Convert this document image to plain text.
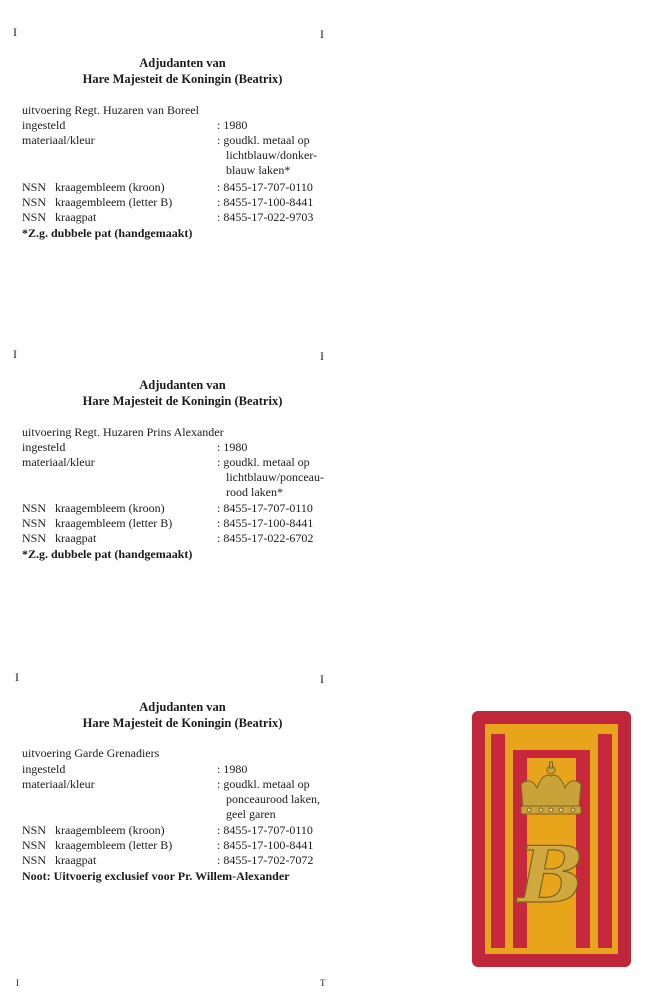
I	I
Adjudanten van
Hare Majesteit de Koningin (Beatrix)
uitvoering Regt. Huzaren van Boreel
ingesteld	: 1980
materiaal/kleur	: goudkl. metaal op
lichtblauw/donker-
blauw laken*
NSN kraagembleem (kroon)	: 8455-17-707-0110
NSN kraagembleem (letter B)	: 8455-17-100-8441
NSN kraagpat	: 8455-17-022-9703
*Z.g. dubbele pat (handgemaakt)
I	I
Adjudanten van
Hare Majesteit de Koningin (Beatrix)
uitvoering Regt. Huzaren Prins Alexander
ingesteld	: 1980
materiaal/kleur	: goudkl. metaal op
lichtblauw/ponceau-
rood laken*
NSN kraagembleem (kroon)	: 8455-17-707-0110
NSN kraagembleem (letter B)	: 8455-17-100-8441
NSN kraagpat	: 8455-17-022-6702
*Z.g. dubbele pat (handgemaakt)
I	I
Adjudanten van
Hare Majesteit de Koningin (Beatrix)
uitvoering Garde Grenadiers
ingesteld	: 1980
materiaal/kleur	: goudkl. metaal op
ponceaurood laken,
geel garen
NSN kraagembleem (kroon)	: 8455-17-707-0110
NSN kraagembleem (letter B)	: 8455-17-100-8441
NSN kraagpat	: 8455-17-702-7072
Noot: Uitvoerig exclusief voor Pr. Willem-Alexander
I	T
B
